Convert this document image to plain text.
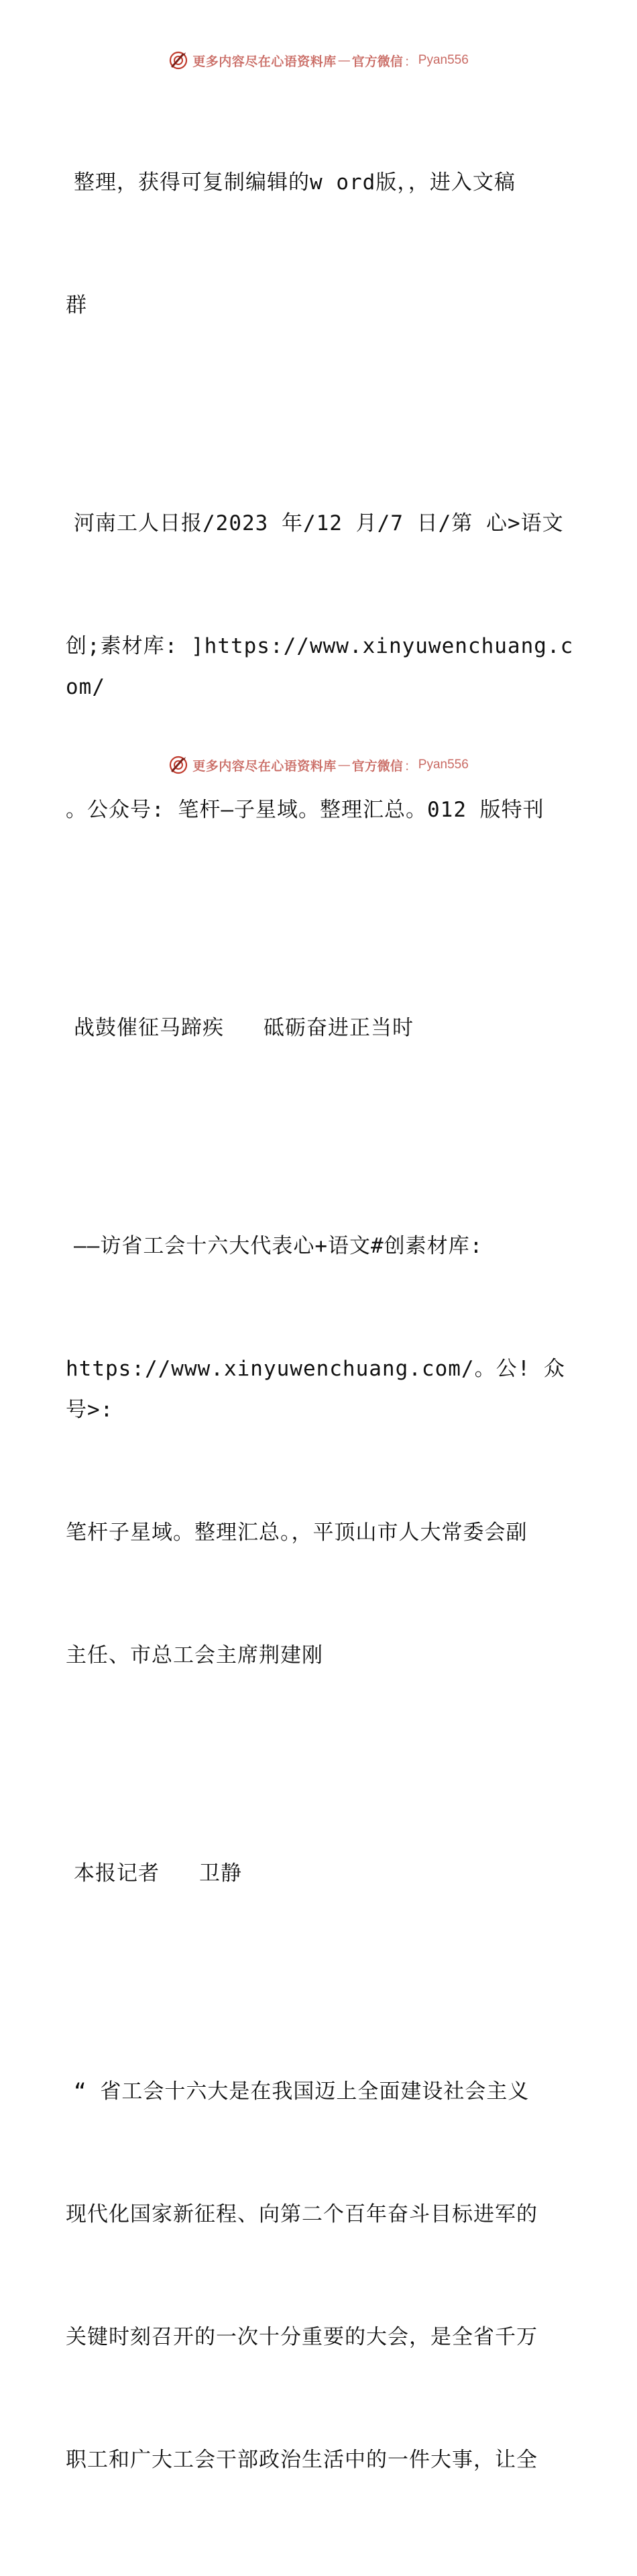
更多内容尽在心语资料库 — 官方微信 ： Pyan556

整理，获得可复制编辑的w ord版，，进入文稿

群

河南工人日报/2023 年/12 月/7 日/第 心>语文

创;素材库: ]https://www.xinyuwenchuang.com/

。公众号: 笔杆—子星域。整理汇总。012 版特刊

战鼓催征马蹄疾   砥砺奋进正当时

——访省工会十六大代表心+语文#创素材库:

https://www.xinyuwenchuang.com/。公! 众号>:

笔杆子星域。整理汇总。，平顶山市人大常委会副

主任、市总工会主席荆建刚

本报记者   卫静

“ 省工会十六大是在我国迈上全面建设社会主义

现代化国家新征程、向第二个百年奋斗目标进军的

关键时刻召开的一次十分重要的大会，是全省千万

职工和广大工会干部政治生活中的一件大事，让全

更多内容尽在心语资料库 — 官方微信 ： Pyan556
